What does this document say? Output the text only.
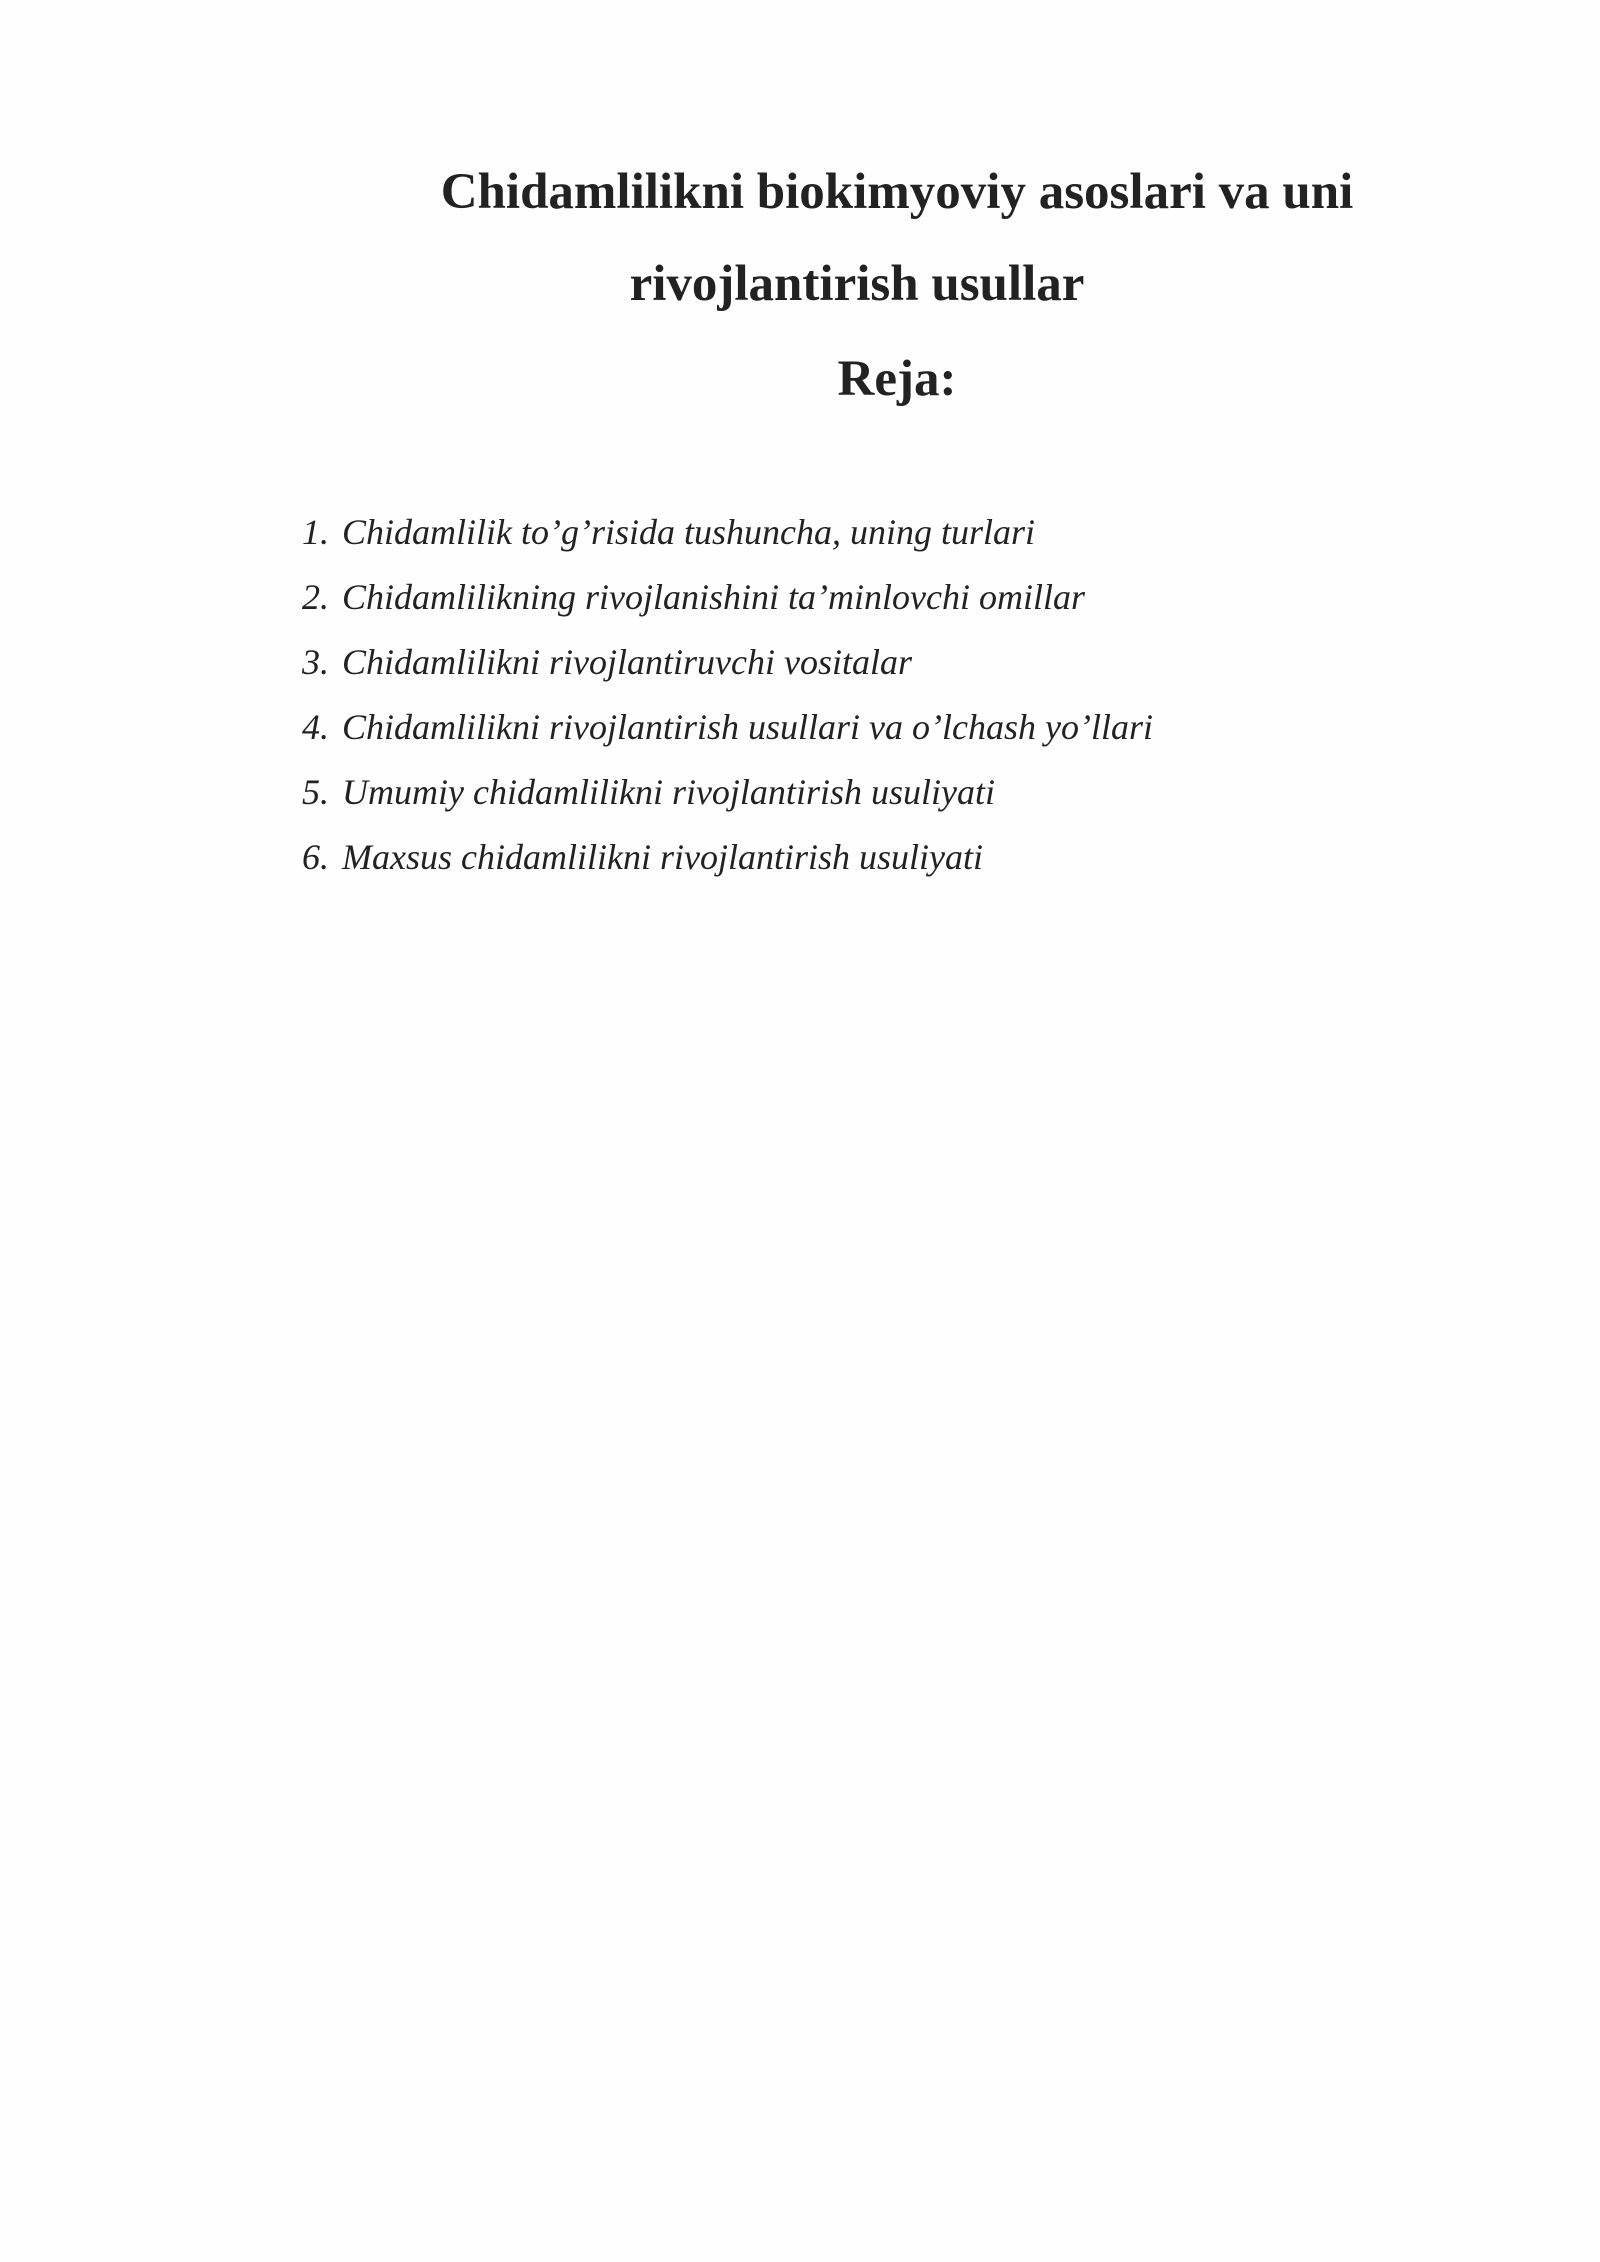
Chidamlilikni biokimyoviy asoslari va uni
rivojlantirish usullar
Reja:
1. Chidamlilik to’g’risida tushuncha, uning turlari
2. Chidamlilikning rivojlanishini ta’minlovchi omillar
3. Chidamlilikni rivojlantiruvchi vositalar
4. Chidamlilikni rivojlantirish usullari va o’lchash yo’llari
5. Umumiy chidamlilikni rivojlantirish usuliyati
6. Maxsus chidamlilikni rivojlantirish usuliyati
